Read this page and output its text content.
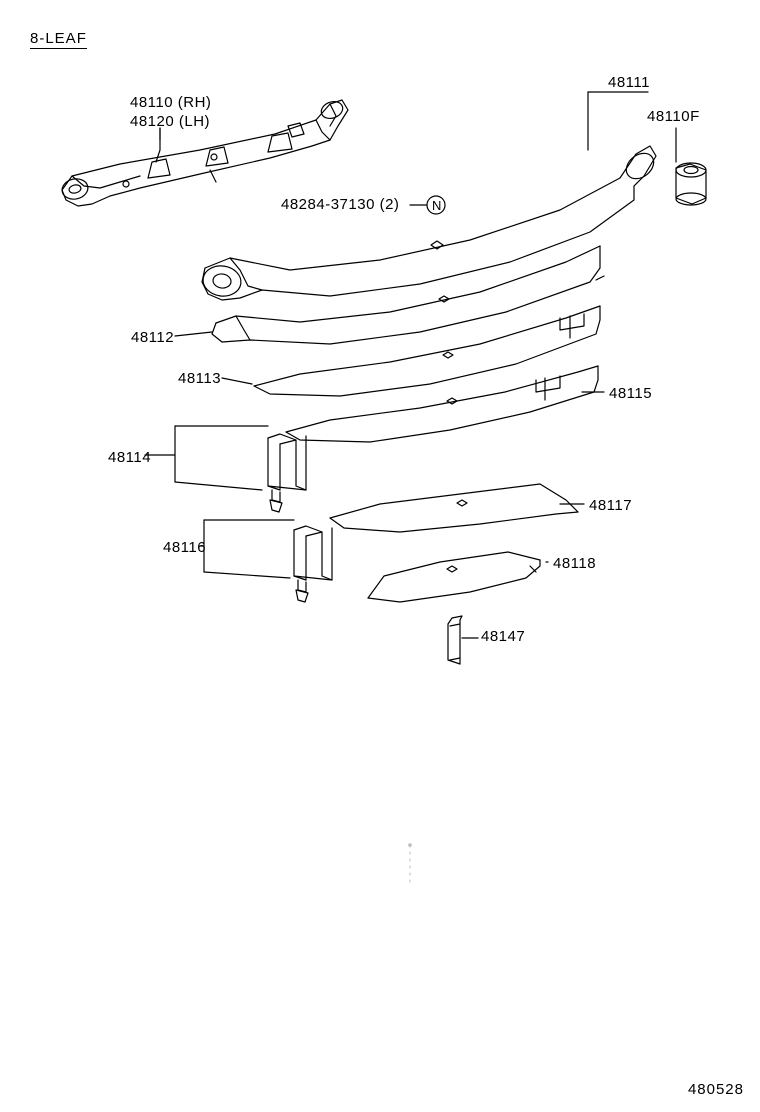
8-LEAF
48110 (RH)
48120 (LH)
48111
48110F
48284-37130 (2)
48112
48113
48115
48114
48117
48116
48118
48147
N
480528
